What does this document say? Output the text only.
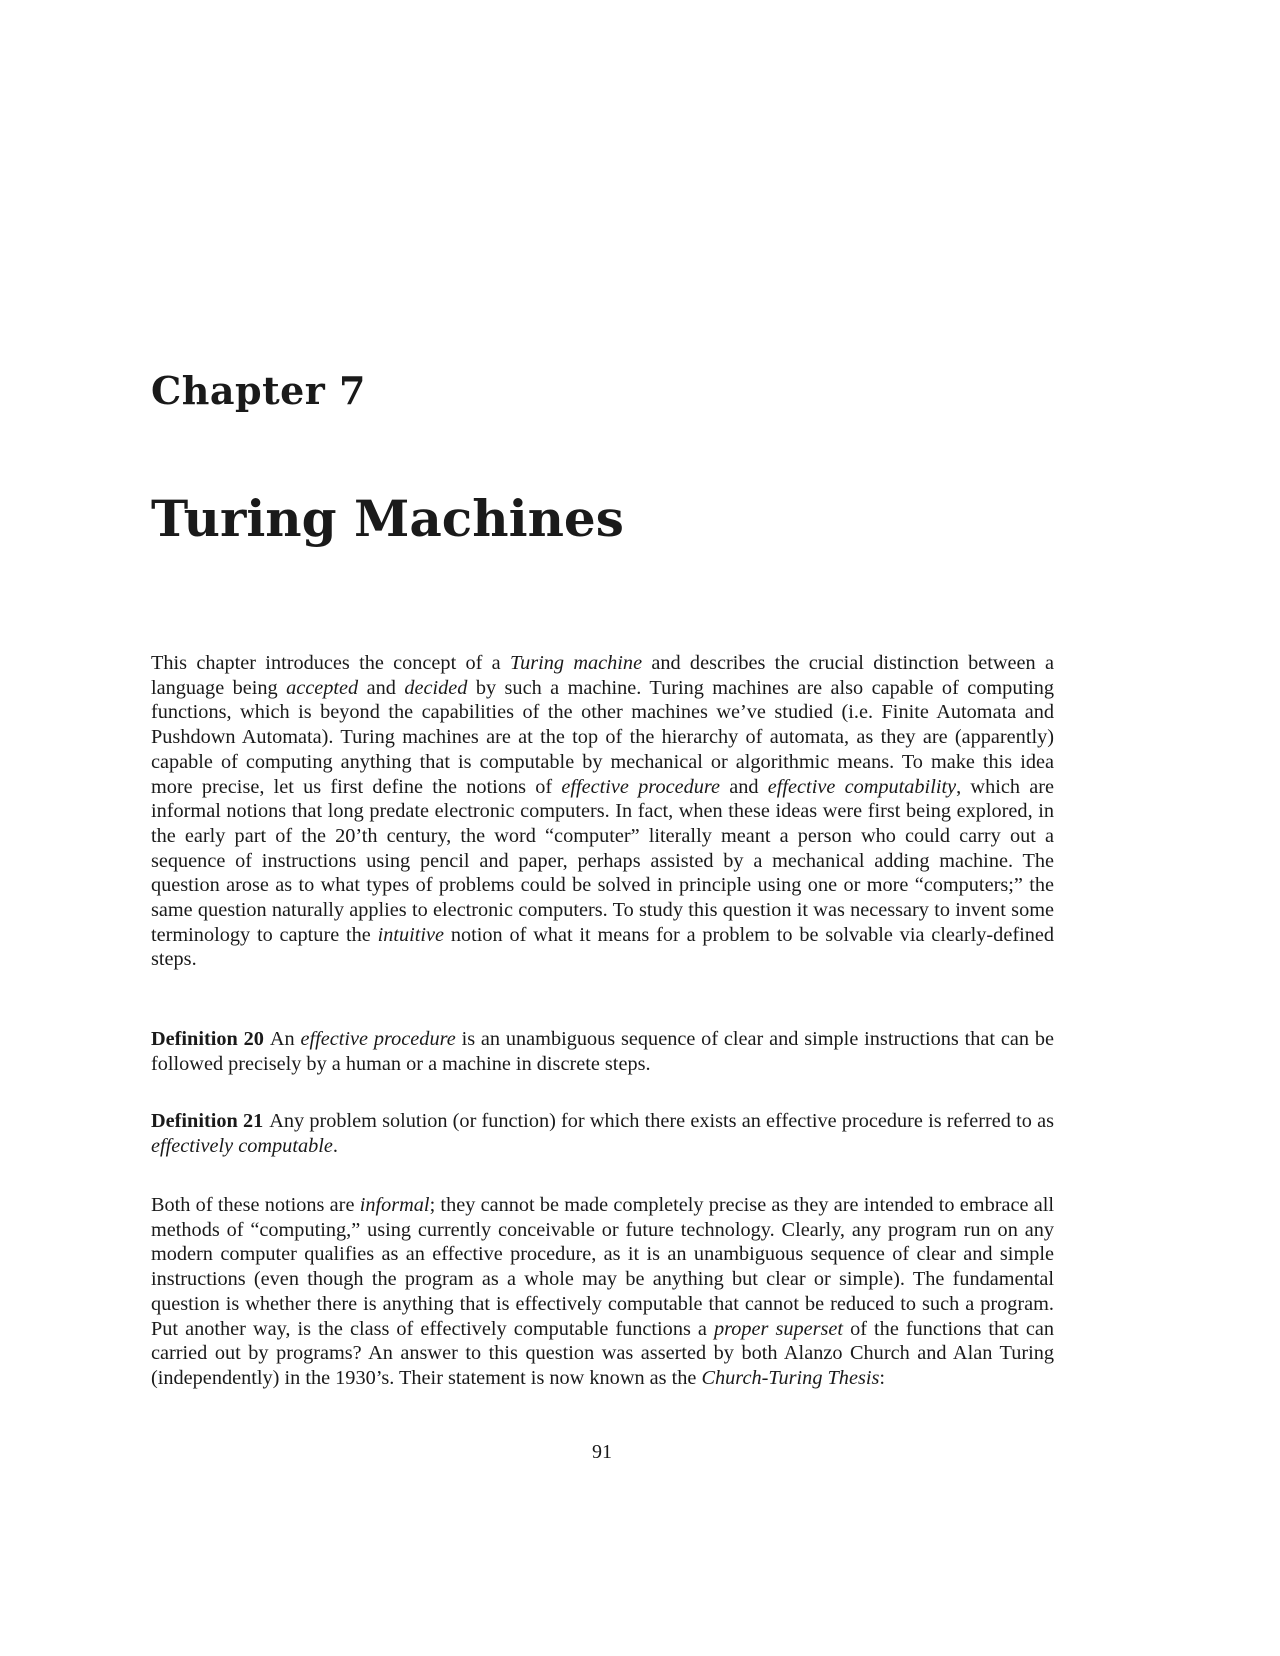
Chapter 7
Turing Machines

This chapter introduces the concept of a Turing machine and describes the crucial distinction between a language being accepted and decided by such a machine. Turing machines are also capable of computing functions, which is beyond the capabilities of the other machines we’ve studied (i.e. Finite Automata and Pushdown Automata). Turing machines are at the top of the hierarchy of automata, as they are (apparently) capable of computing anything that is computable by mechanical or algorithmic means. To make this idea more precise, let us first define the notions of effective procedure and effective computability, which are informal notions that long predate electronic computers. In fact, when these ideas were first being explored, in the early part of the 20’th century, the word “computer” literally meant a person who could carry out a sequence of instructions using pencil and paper, perhaps assisted by a mechanical adding machine. The question arose as to what types of problems could be solved in principle using one or more “computers;” the same question naturally applies to electronic computers. To study this question it was necessary to invent some terminology to capture the intuitive notion of what it means for a problem to be solvable via clearly-defined steps.

Definition 20 An effective procedure is an unambiguous sequence of clear and simple instructions that can be followed precisely by a human or a machine in discrete steps.

Definition 21 Any problem solution (or function) for which there exists an effective procedure is referred to as effectively computable.

Both of these notions are informal; they cannot be made completely precise as they are intended to embrace all methods of “computing,” using currently conceivable or future technology. Clearly, any program run on any modern computer qualifies as an effective procedure, as it is an unambiguous sequence of clear and simple instructions (even though the program as a whole may be anything but clear or simple). The fundamental question is whether there is anything that is effectively computable that cannot be reduced to such a program. Put another way, is the class of effectively computable functions a proper superset of the functions that can carried out by programs? An answer to this question was asserted by both Alanzo Church and Alan Turing (independently) in the 1930’s. Their statement is now known as the Church-Turing Thesis:

91
